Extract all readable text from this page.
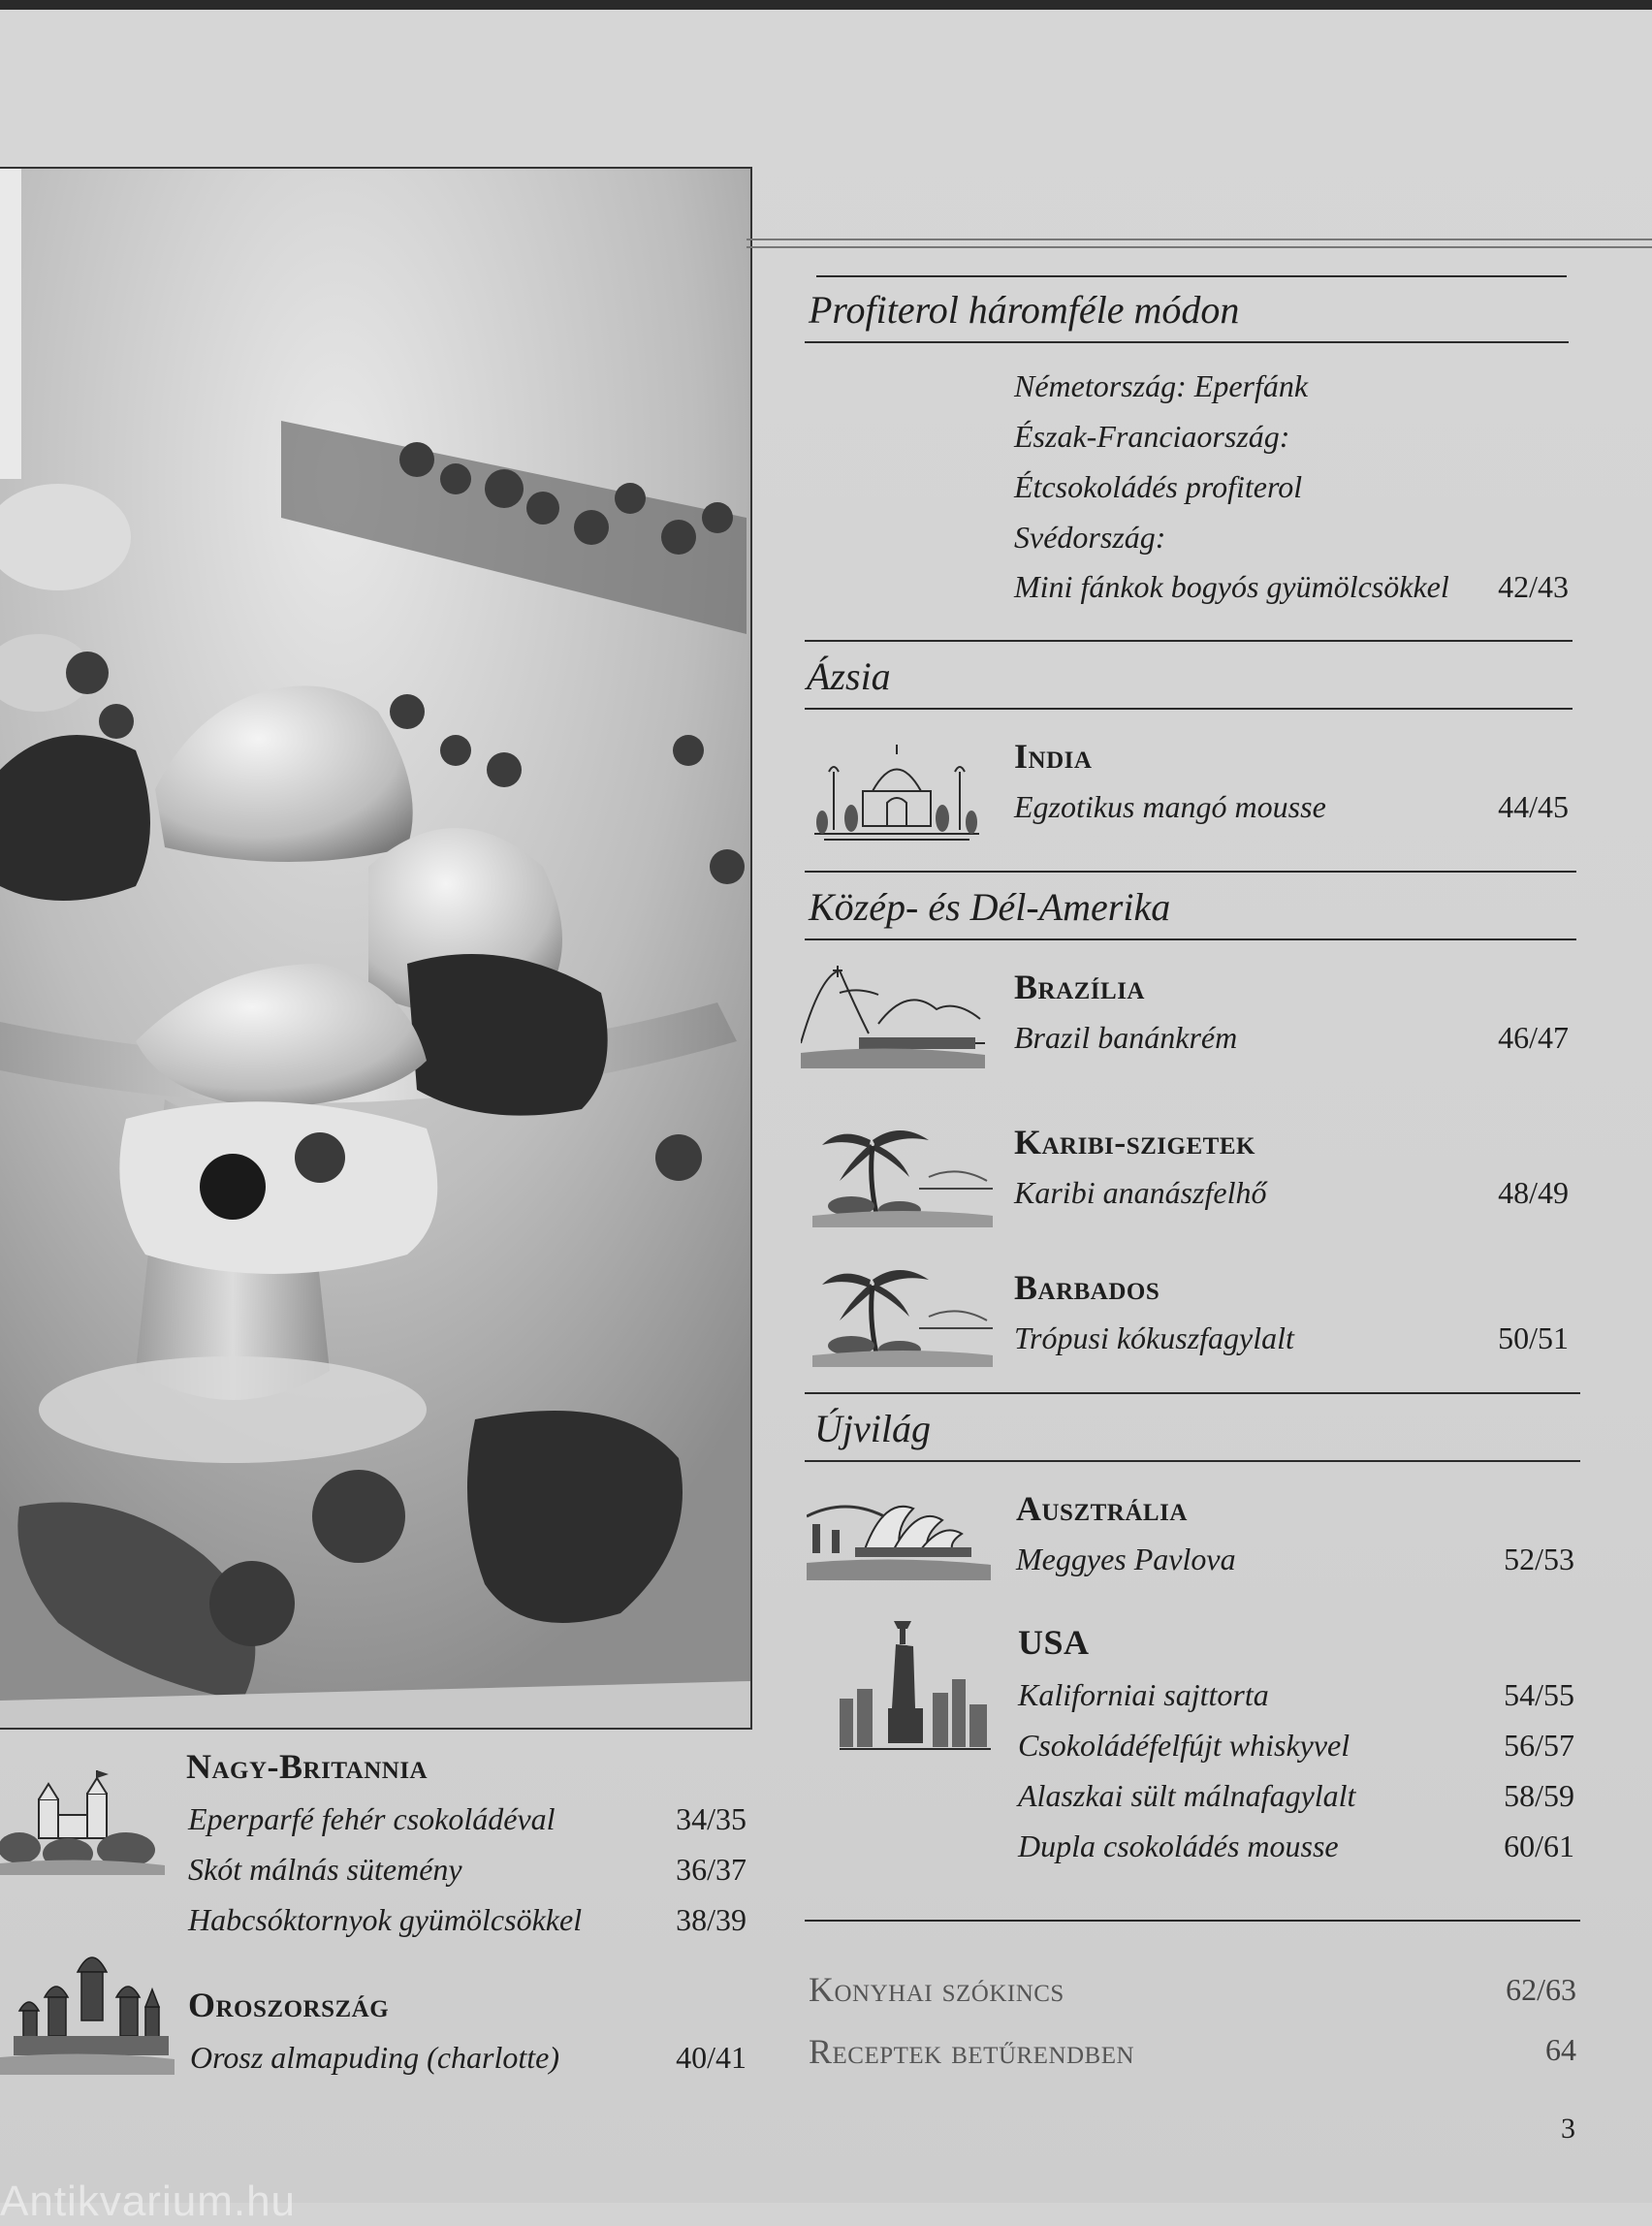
Profiterol háromféle módon
Németország: Eperfánk
Észak-Franciaország:
Étcsokoládés profiterol
Svédország:
Mini fánkok bogyós gyümölcsökkel	42/43
Ázsia
India
Egzotikus mangó mousse	44/45
Közép- és Dél-Amerika
Brazília
Brazil banánkrém	46/47
Karibi-szigetek
Karibi ananászfelhő	48/49
Barbados
Trópusi kókuszfagylalt	50/51
Újvilág
Ausztrália
Meggyes Pavlova	52/53
USA
Kaliforniai sajttorta	54/55
Csokoládéfelfújt whiskyvel	56/57
Alaszkai sült málnafagylalt	58/59
Dupla csokoládés mousse	60/61
Nagy-Britannia
Eperparfé fehér csokoládéval	34/35
Skót málnás sütemény	36/37
Habcsóktornyok gyümölcsökkel	38/39
Oroszország
Orosz almapuding (charlotte)	40/41
Konyhai szókincs	62/63
Receptek betűrendben	64
3
Antikvarium.hu
